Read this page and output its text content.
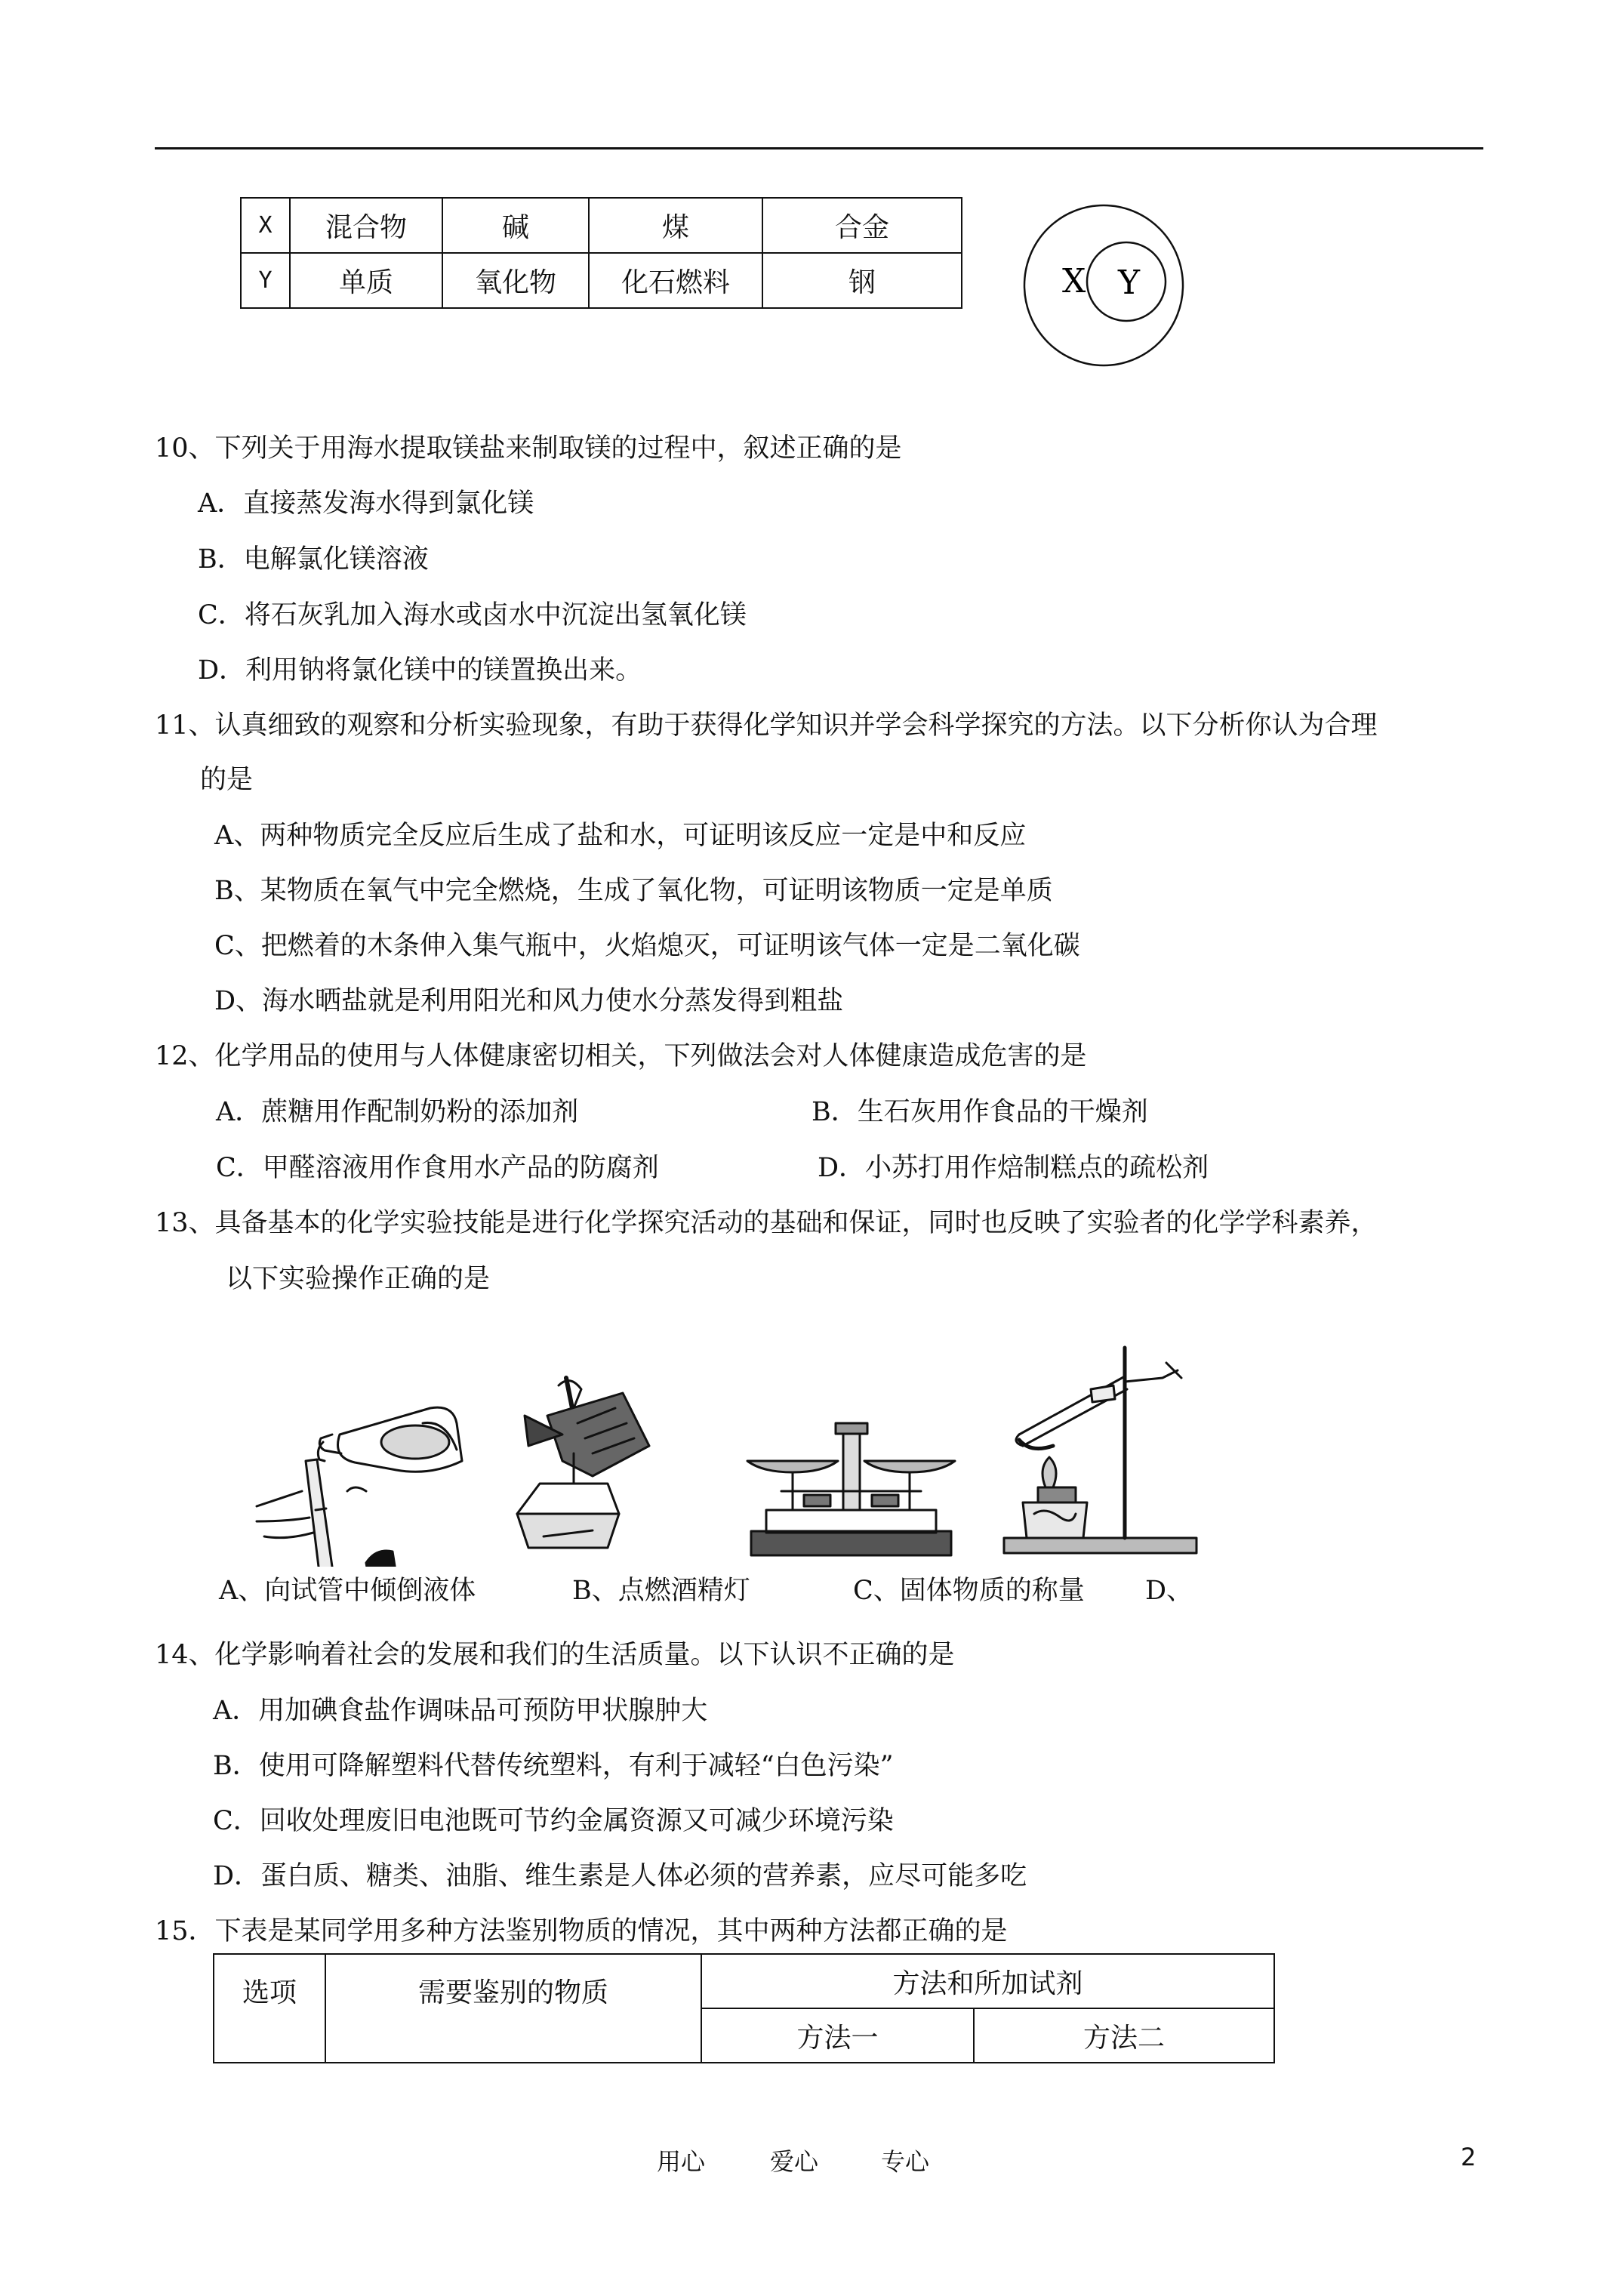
X	混合物	碱	煤	合金
Y	单质	氧化物	化石燃料	钢	X Y
10、下列关于用海水提取镁盐来制取镁的过程中，叙述正确的是
A．直接蒸发海水得到氯化镁
B．电解氯化镁溶液
C．将石灰乳加入海水或卤水中沉淀出氢氧化镁
D．利用钠将氯化镁中的镁置换出来。
11、认真细致的观察和分析实验现象，有助于获得化学知识并学会科学探究的方法。以下分析你认为合理
的是
A、两种物质完全反应后生成了盐和水，可证明该反应一定是中和反应
B、某物质在氧气中完全燃烧，生成了氧化物，可证明该物质一定是单质
C、把燃着的木条伸入集气瓶中，火焰熄灭，可证明该气体一定是二氧化碳
D、海水晒盐就是利用阳光和风力使水分蒸发得到粗盐
12、化学用品的使用与人体健康密切相关，下列做法会对人体健康造成危害的是
A．蔗糖用作配制奶粉的添加剂	B．生石灰用作食品的干燥剂
C．甲醛溶液用作食用水产品的防腐剂	D．小苏打用作焙制糕点的疏松剂
13、具备基本的化学实验技能是进行化学探究活动的基础和保证，同时也反映了实验者的化学学科素养，
以下实验操作正确的是
A、向试管中倾倒液体	B、点燃酒精灯	C、固体物质的称量 D、
14、化学影响着社会的发展和我们的生活质量。以下认识不正确的是
A．用加碘食盐作调味品可预防甲状腺肿大
B．使用可降解塑料代替传统塑料，有利于减轻“白色污染”
C．回收处理废旧电池既可节约金属资源又可减少环境污染
D．蛋白质、糖类、油脂、维生素是人体必须的营养素，应尽可能多吃
15．下表是某同学用多种方法鉴别物质的情况，其中两种方法都正确的是
选项	需要鉴别的物质	方法和所加试剂	
		方法一	方法二
用心	爱心	专心	2
